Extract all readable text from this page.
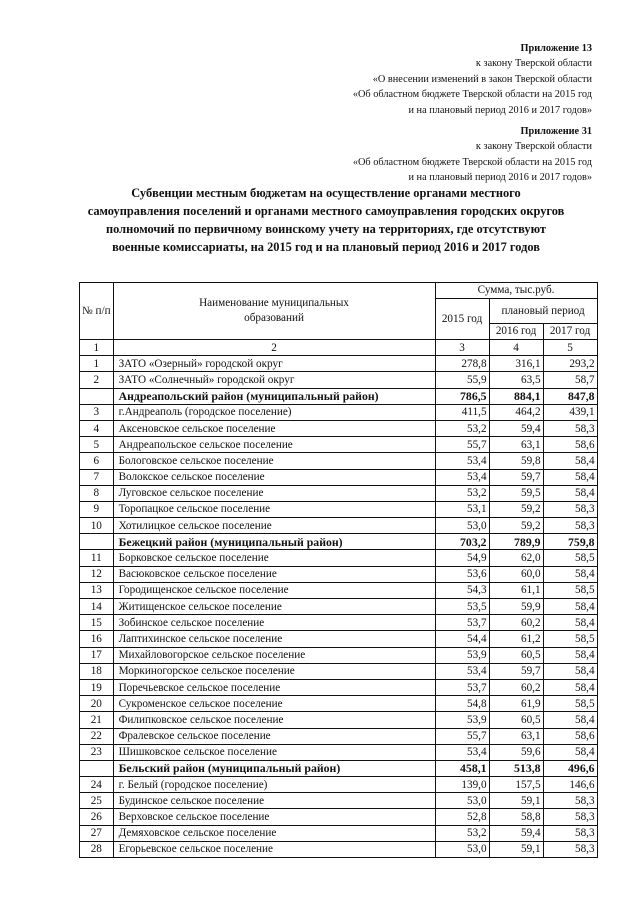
Приложение 13
к закону Тверской области
«О внесении изменений в закон Тверской области
«Об областном бюджете Тверской области на 2015 год
и на плановый период 2016 и 2017 годов»
Приложение 31
к закону Тверской области
«Об областном бюджете Тверской области на 2015 год
и на плановый период 2016 и 2017 годов»
Субвенции местным бюджетам на осуществление органами местного
самоуправления поселений и органами местного самоуправления городских округов
полномочий по первичному воинскому учету на территориях, где отсутствуют
военные комиссариаты, на 2015 год и на плановый период 2016 и 2017 годов
№ п/п	Наименование муниципальных образований	Сумма, тыс.руб.		
		2015 год	плановый период	
			2016 год	2017 год
1	2	3	4	5
1	ЗАТО «Озерный» городской округ	278,8	316,1	293,2
2	ЗАТО «Солнечный» городской округ	55,9	63,5	58,7
	Андреапольский район (муниципальный район)	786,5	884,1	847,8
3	г.Андреаполь (городское поселение)	411,5	464,2	439,1
4	Аксеновское сельское поселение	53,2	59,4	58,3
5	Андреапольское сельское поселение	55,7	63,1	58,6
6	Бологовское сельское поселение	53,4	59,8	58,4
7	Волокское сельское поселение	53,4	59,7	58,4
8	Луговское сельское поселение	53,2	59,5	58,4
9	Торопацкое сельское поселение	53,1	59,2	58,3
10	Хотилицкое сельское поселение	53,0	59,2	58,3
	Бежецкий район (муниципальный район)	703,2	789,9	759,8
11	Борковское сельское поселение	54,9	62,0	58,5
12	Васюковское сельское поселение	53,6	60,0	58,4
13	Городищенское сельское поселение	54,3	61,1	58,5
14	Житищенское сельское поселение	53,5	59,9	58,4
15	Зобинское сельское поселение	53,7	60,2	58,4
16	Лаптихинское сельское поселение	54,4	61,2	58,5
17	Михайловогорское сельское поселение	53,9	60,5	58,4
18	Моркиногорское сельское поселение	53,4	59,7	58,4
19	Поречьевское сельское поселение	53,7	60,2	58,4
20	Сукроменское сельское поселение	54,8	61,9	58,5
21	Филипковское сельское поселение	53,9	60,5	58,4
22	Фралевское сельское поселение	55,7	63,1	58,6
23	Шишковское сельское поселение	53,4	59,6	58,4
	Бельский район (муниципальный район)	458,1	513,8	496,6
24	г. Белый (городское поселение)	139,0	157,5	146,6
25	Будинское сельское поселение	53,0	59,1	58,3
26	Верховское сельское поселение	52,8	58,8	58,3
27	Демяховское сельское поселение	53,2	59,4	58,3
28	Егорьевское сельское поселение	53,0	59,1	58,3
